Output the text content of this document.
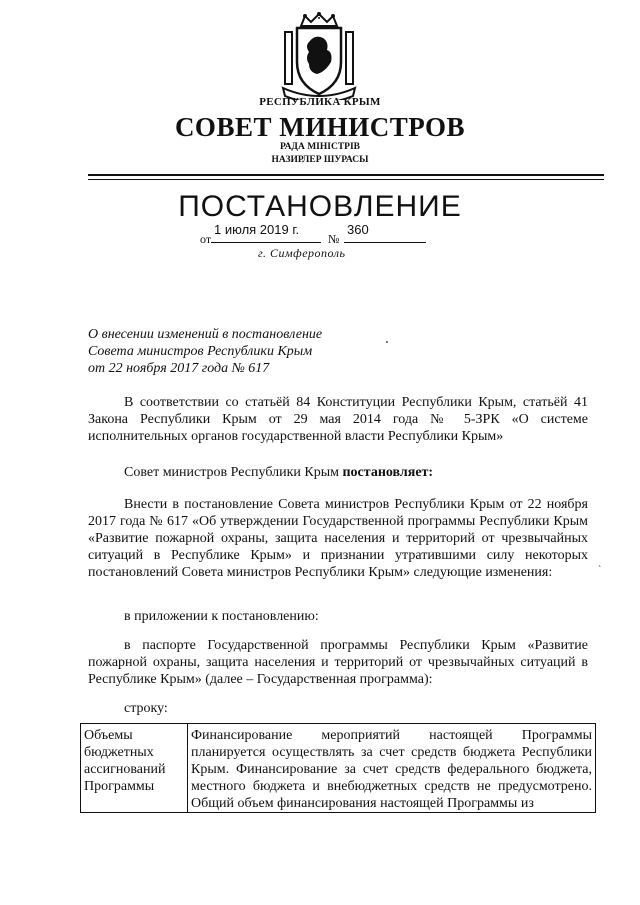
РЕСПУБЛИКА КРЫМ
СОВЕТ МИНИСТРОВ
РАДА МІНІСТРІВ
НАЗИРЛЕР ШУРАСЫ
ПОСТАНОВЛЕНИЕ
от
1 июля 2019 г.
№
360
г. Симферополь
О внесении изменений в постановление
Совета министров Республики Крым
от 22 ноября 2017 года № 617
В соответствии со статьёй 84 Конституции Республики Крым, статьёй 41 Закона Республики Крым от 29 мая 2014 года № 5-ЗРК «О системе исполнительных органов государственной власти Республики Крым»
Совет министров Республики Крым постановляет:
Внести в постановление Совета министров Республики Крым от 22 ноября 2017 года № 617 «Об утверждении Государственной программы Республики Крым «Развитие пожарной охраны, защита населения и территорий от чрезвычайных ситуаций в Республике Крым» и признании утратившими силу некоторых постановлений Совета министров Республики Крым» следующие изменения:	`
в приложении к постановлению:
в паспорте Государственной программы Республики Крым «Развитие пожарной охраны, защита населения и территорий от чрезвычайных ситуаций в Республике Крым» (далее – Государственная программа):
строку:
Объемы бюджетных ассигнований Программы	Финансирование мероприятий настоящей Программы планируется осуществлять за счет средств бюджета Республики Крым. Финансирование за счет средств федерального бюджета, местного бюджета и внебюджетных средств не предусмотрено. Общий объем финансирования настоящей Программы из
